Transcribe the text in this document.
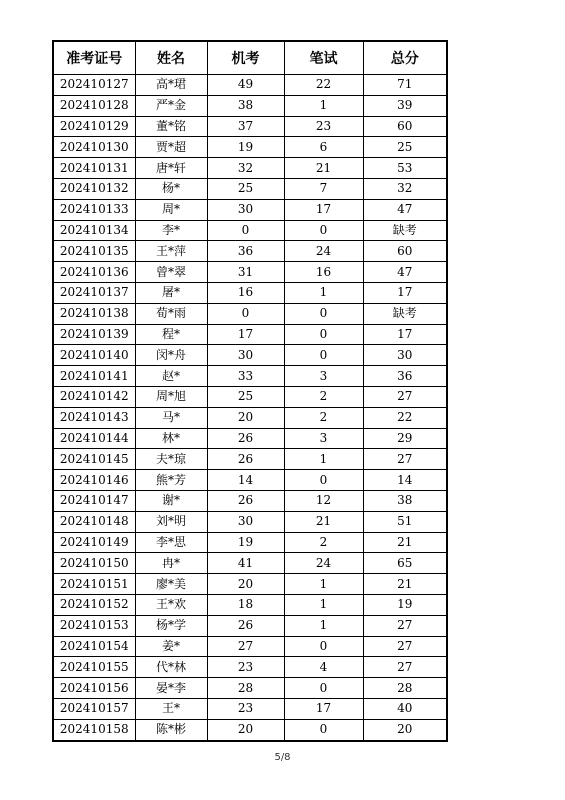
准考证号	姓名	机考	笔试	总分
202410127	高*珺	49	22	71
202410128	严*金	38	1	39
202410129	董*铭	37	23	60
202410130	贾*超	19	6	25
202410131	唐*轩	32	21	53
202410132	杨*	25	7	32
202410133	周*	30	17	47
202410134	李*	0	0	缺考
202410135	王*萍	36	24	60
202410136	曾*翠	31	16	47
202410137	屠*	16	1	17
202410138	荀*雨	0	0	缺考
202410139	程*	17	0	17
202410140	闵*舟	30	0	30
202410141	赵*	33	3	36
202410142	周*旭	25	2	27
202410143	马*	20	2	22
202410144	林*	26	3	29
202410145	夫*琼	26	1	27
202410146	熊*芳	14	0	14
202410147	谢*	26	12	38
202410148	刘*明	30	21	51
202410149	李*思	19	2	21
202410150	冉*	41	24	65
202410151	廖*美	20	1	21
202410152	王*欢	18	1	19
202410153	杨*学	26	1	27
202410154	姜*	27	0	27
202410155	代*林	23	4	27
202410156	晏*李	28	0	28
202410157	王*	23	17	40
202410158	陈*彬	20	0	20
5/8
